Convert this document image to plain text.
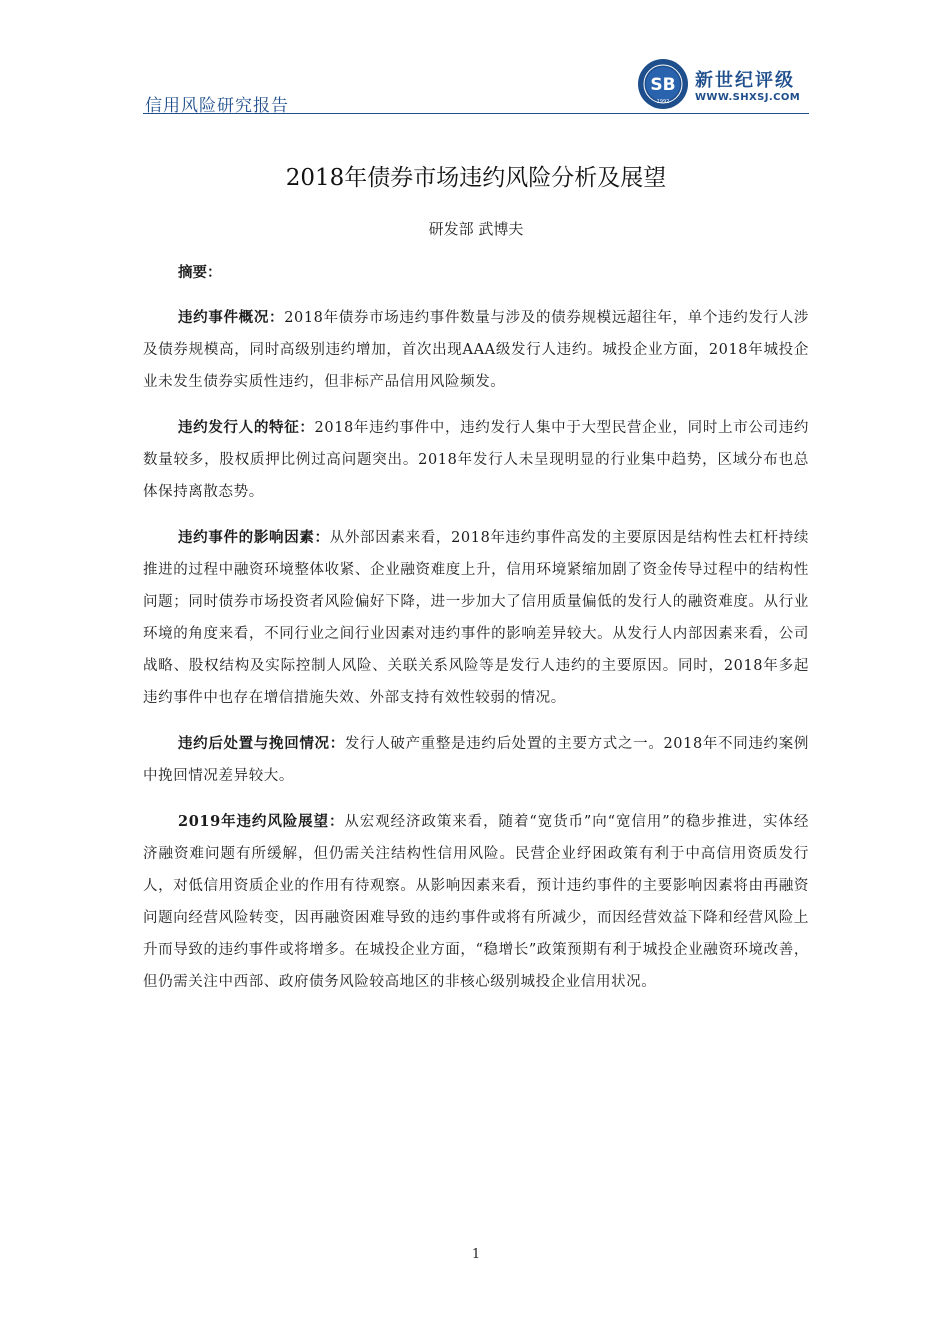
信用风险研究报告
SB
1992
新世纪评级
WWW.SHXSJ.COM
2018年债券市场违约风险分析及展望

研发部 武博夫

摘要：

违约事件概况：2018年债券市场违约事件数量与涉及的债券规模远超往年，单个违约发行人涉及债券规模高，同时高级别违约增加，首次出现AAA级发行人违约。城投企业方面，2018年城投企业未发生债券实质性违约，但非标产品信用风险频发。

违约发行人的特征：2018年违约事件中，违约发行人集中于大型民营企业，同时上市公司违约数量较多，股权质押比例过高问题突出。2018年发行人未呈现明显的行业集中趋势，区域分布也总体保持离散态势。

违约事件的影响因素：从外部因素来看，2018年违约事件高发的主要原因是结构性去杠杆持续推进的过程中融资环境整体收紧、企业融资难度上升，信用环境紧缩加剧了资金传导过程中的结构性问题；同时债券市场投资者风险偏好下降，进一步加大了信用质量偏低的发行人的融资难度。从行业环境的角度来看，不同行业之间行业因素对违约事件的影响差异较大。从发行人内部因素来看，公司战略、股权结构及实际控制人风险、关联关系风险等是发行人违约的主要原因。同时，2018年多起违约事件中也存在增信措施失效、外部支持有效性较弱的情况。

违约后处置与挽回情况：发行人破产重整是违约后处置的主要方式之一。2018年不同违约案例中挽回情况差异较大。

2019年违约风险展望：从宏观经济政策来看，随着“宽货币”向“宽信用”的稳步推进，实体经济融资难问题有所缓解，但仍需关注结构性信用风险。民营企业纾困政策有利于中高信用资质发行人，对低信用资质企业的作用有待观察。从影响因素来看，预计违约事件的主要影响因素将由再融资问题向经营风险转变，因再融资困难导致的违约事件或将有所减少，而因经营效益下降和经营风险上升而导致的违约事件或将增多。在城投企业方面，“稳增长”政策预期有利于城投企业融资环境改善，但仍需关注中西部、政府债务风险较高地区的非核心级别城投企业信用状况。

1
